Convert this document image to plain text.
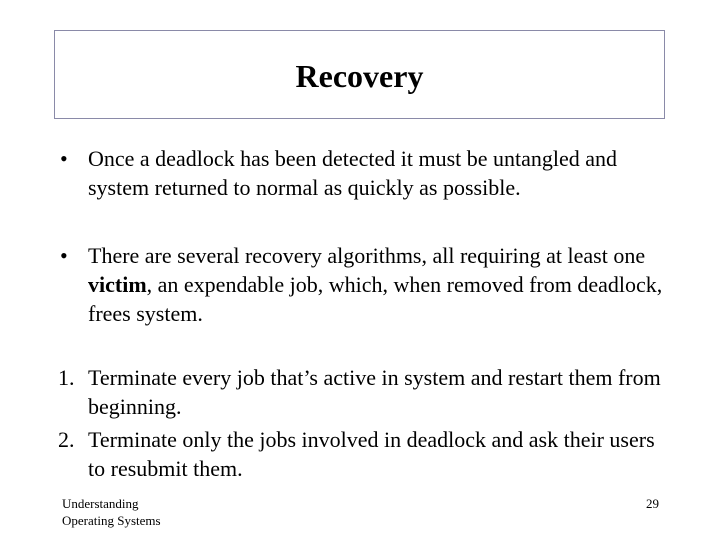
Recovery
• Once a deadlock has been detected it must be untangled and system returned to normal as quickly as possible.
• There are several recovery algorithms, all requiring at least one victim, an expendable job, which, when removed from deadlock, frees system.
1. Terminate every job that’s active in system and restart them from beginning.
2. Terminate only the jobs involved in deadlock and ask their users to resubmit them.
Understanding
Operating Systems
29
